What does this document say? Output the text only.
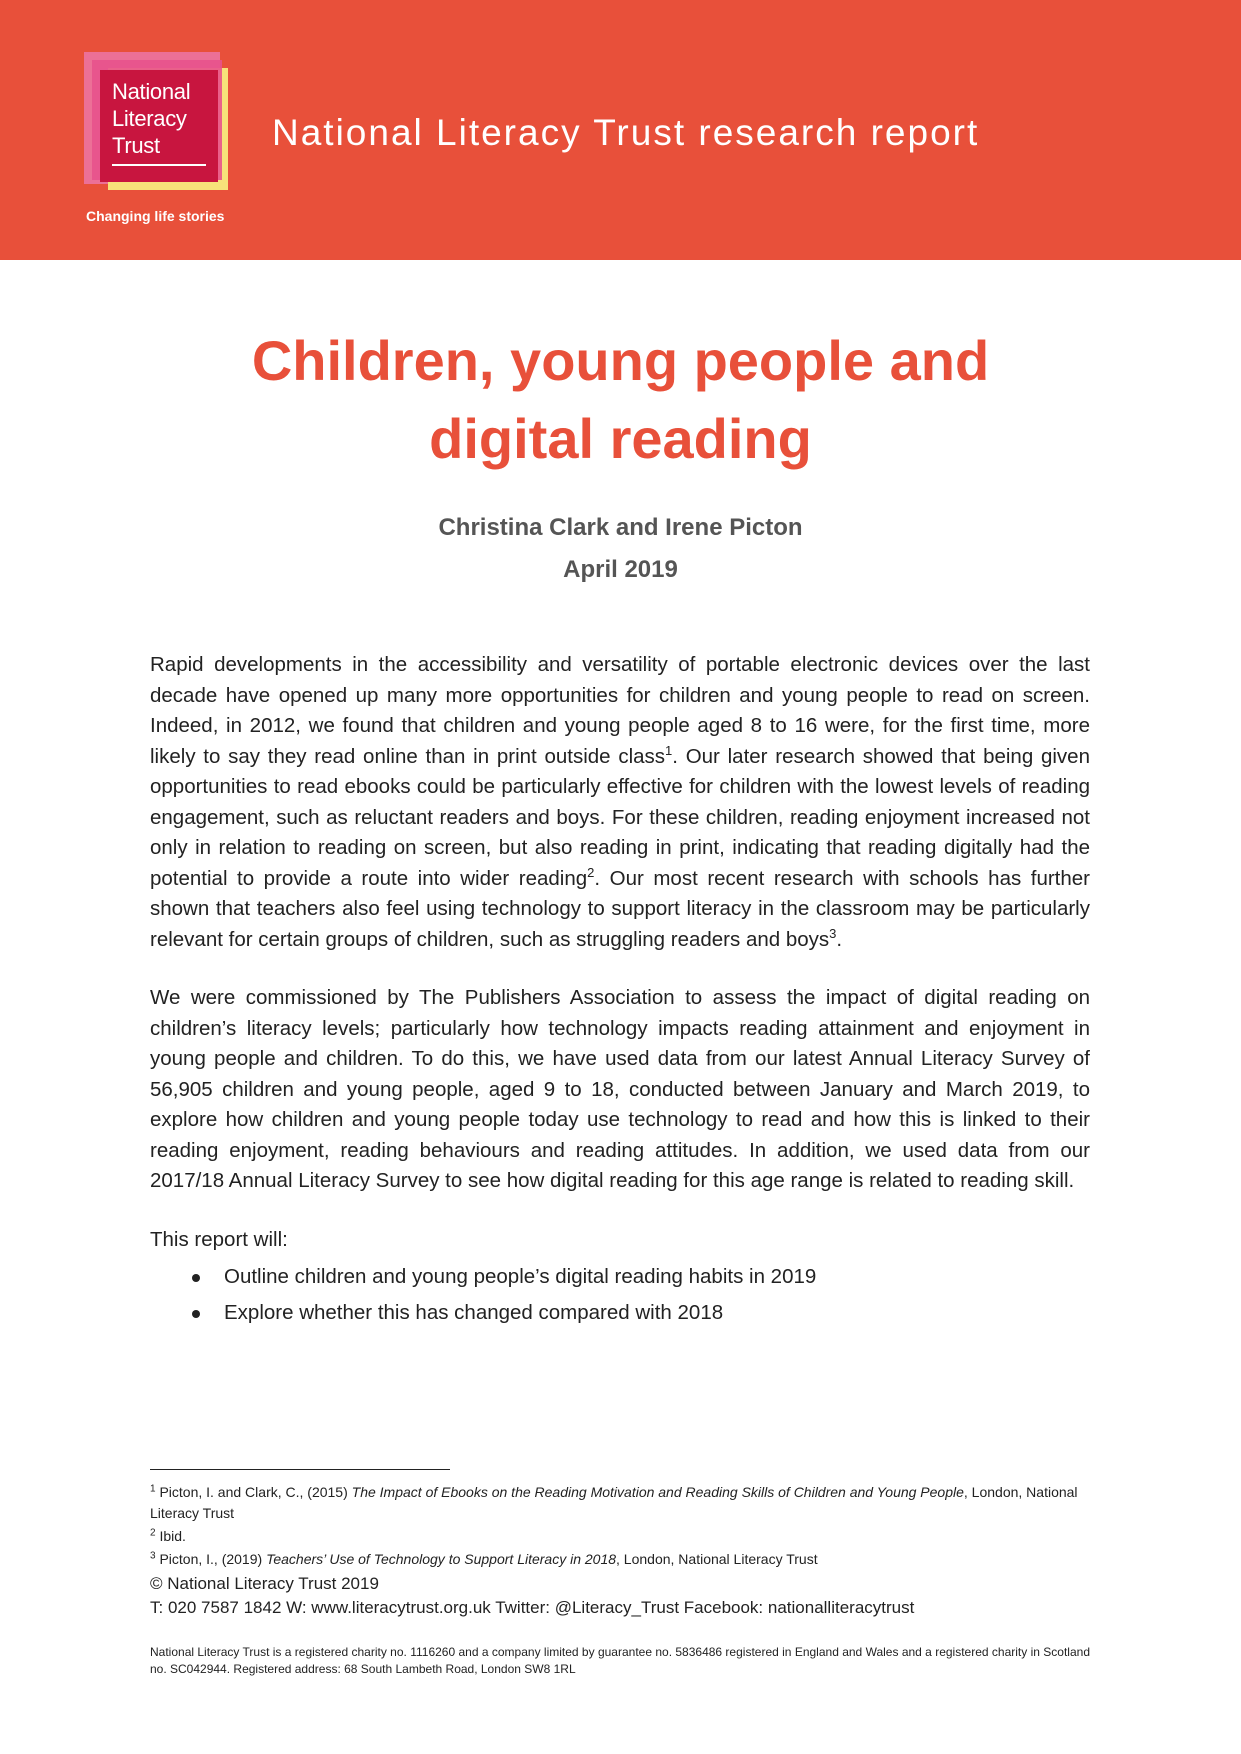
National
Literacy
Trust
Changing life stories
National Literacy Trust research report
Children, young people and
digital reading
Christina Clark and Irene Picton
April 2019

Rapid developments in the accessibility and versatility of portable electronic devices over the last decade have opened up many more opportunities for children and young people to read on screen. Indeed, in 2012, we found that children and young people aged 8 to 16 were, for the first time, more likely to say they read online than in print outside class$^1$. Our later research showed that being given opportunities to read ebooks could be particularly effective for children with the lowest levels of reading engagement, such as reluctant readers and boys. For these children, reading enjoyment increased not only in relation to reading on screen, but also reading in print, indicating that reading digitally had the potential to provide a route into wider reading$^2$. Our most recent research with schools has further shown that teachers also feel using technology to support literacy in the classroom may be particularly relevant for certain groups of children, such as struggling readers and boys$^3$.

We were commissioned by The Publishers Association to assess the impact of digital reading on children’s literacy levels; particularly how technology impacts reading attainment and enjoyment in young people and children. To do this, we have used data from our latest Annual Literacy Survey of 56,905 children and young people, aged 9 to 18, conducted between January and March 2019, to explore how children and young people today use technology to read and how this is linked to their reading enjoyment, reading behaviours and reading attitudes. In addition, we used data from our 2017/18 Annual Literacy Survey to see how digital reading for this age range is related to reading skill.

This report will:
Outline children and young people’s digital reading habits in 2019
Explore whether this has changed compared with 2018
$^1$ Picton, I. and Clark, C., (2015) The Impact of Ebooks on the Reading Motivation and Reading Skills of Children and Young People, London, National Literacy Trust
$^2$ Ibid.
$^3$ Picton, I., (2019) Teachers’ Use of Technology to Support Literacy in 2018, London, National Literacy Trust
© National Literacy Trust 2019
T: 020 7587 1842 W: www.literacytrust.org.uk Twitter: @Literacy_Trust Facebook: nationalliteracytrust
National Literacy Trust is a registered charity no. 1116260 and a company limited by guarantee no. 5836486 registered in England and Wales and a registered charity in Scotland no. SC042944. Registered address: 68 South Lambeth Road, London SW8 1RL
